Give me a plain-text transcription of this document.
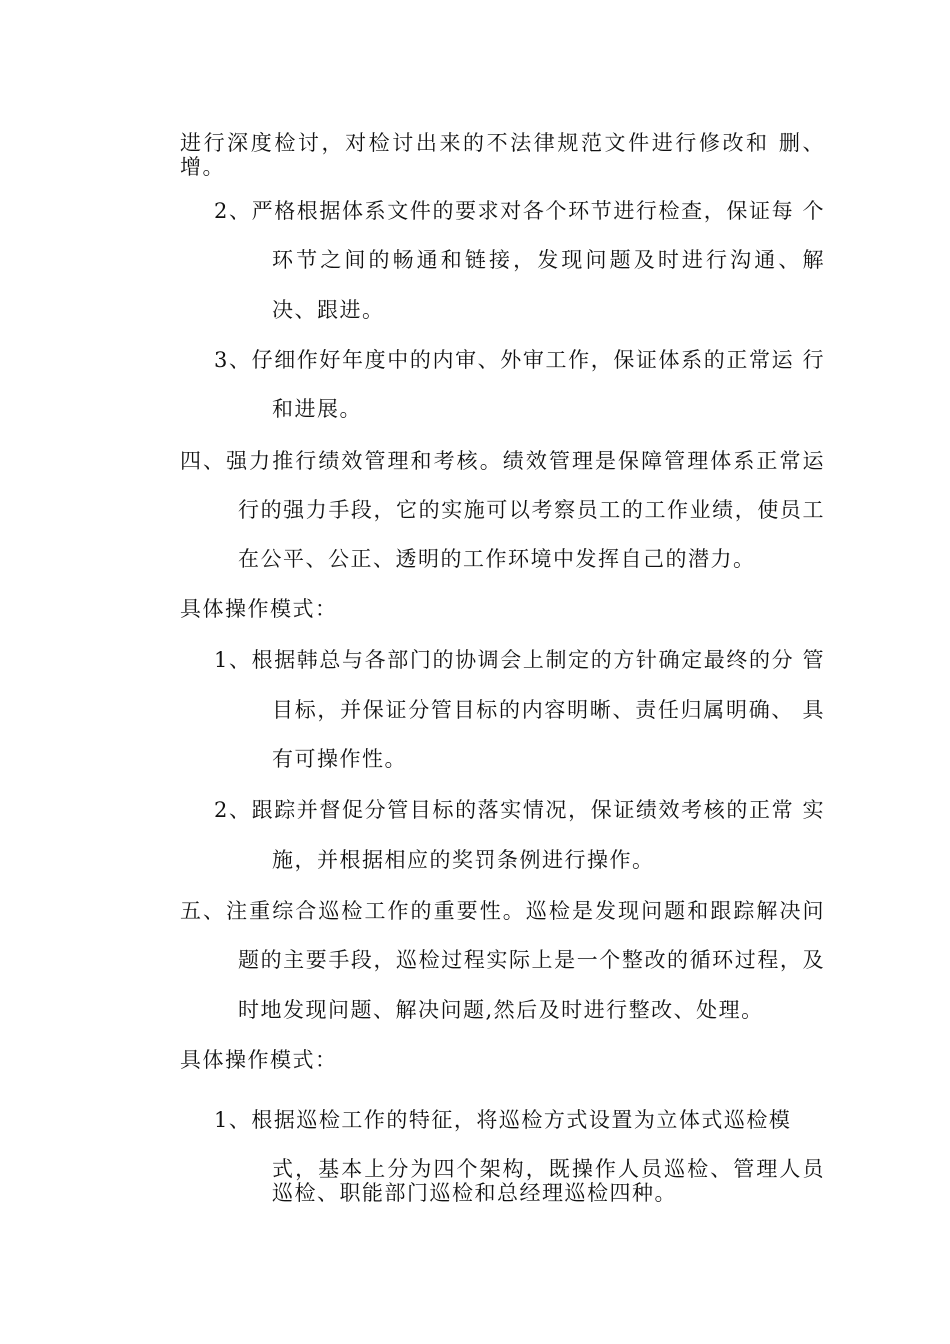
进行深度检讨，对检讨出来的不法律规范文件进行修改和 删、
增。
2、严格根据体系文件的要求对各个环节进行检查，保证每 个
环节之间的畅通和链接，发现问题及时进行沟通、解
决、跟进。
3、仔细作好年度中的内审、外审工作，保证体系的正常运 行
和进展。
四、强力推行绩效管理和考核。绩效管理是保障管理体系正常运
行的强力手段，它的实施可以考察员工的工作业绩，使员工
在公平、公正、透明的工作环境中发挥自己的潜力。
具体操作模式：
1、根据韩总与各部门的协调会上制定的方针确定最终的分 管
目标，并保证分管目标的内容明晰、责任归属明确、 具
有可操作性。
2、跟踪并督促分管目标的落实情况，保证绩效考核的正常 实
施，并根据相应的奖罚条例进行操作。
五、注重综合巡检工作的重要性。巡检是发现问题和跟踪解决问
题的主要手段，巡检过程实际上是一个整改的循环过程，及
时地发现问题、解决问题,然后及时进行整改、处理。
具体操作模式：
1、根据巡检工作的特征，将巡检方式设置为立体式巡检模
式，基本上分为四个架构，既操作人员巡检、管理人员
巡检、职能部门巡检和总经理巡检四种。
